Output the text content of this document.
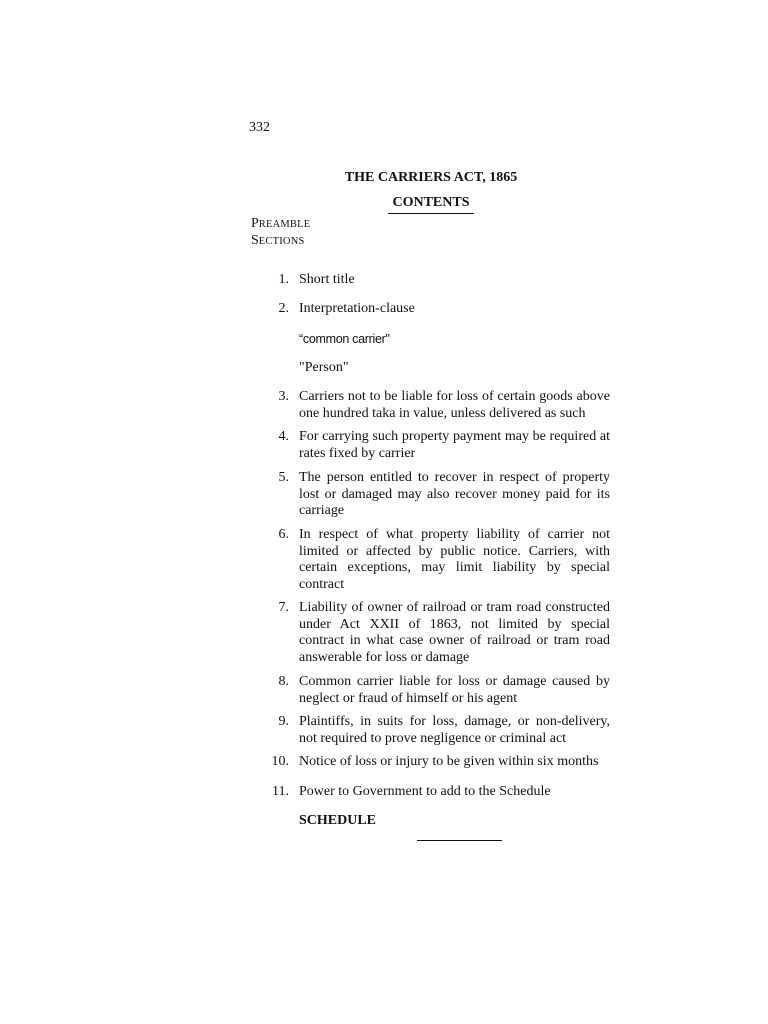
332
THE CARRIERS ACT, 1865
CONTENTS
PREAMBLE
SECTIONS
1. Short title
2. Interpretation-clause
“common carrier"
"Person"
3. Carriers not to be liable for loss of certain goods above one hundred taka in value, unless delivered as such
4. For carrying such property payment may be required at rates fixed by carrier
5. The person entitled to recover in respect of property lost or damaged may also recover money paid for its carriage
6. In respect of what property liability of carrier not limited or affected by public notice. Carriers, with certain exceptions, may limit liability by special contract
7. Liability of owner of railroad or tram road constructed under Act XXII of 1863, not limited by special contract in what case owner of railroad or tram road answerable for loss or damage
8. Common carrier liable for loss or damage caused by neglect or fraud of himself or his agent
9. Plaintiffs, in suits for loss, damage, or non-delivery, not required to prove negligence or criminal act
10. Notice of loss or injury to be given within six months
11. Power to Government to add to the Schedule
SCHEDULE
